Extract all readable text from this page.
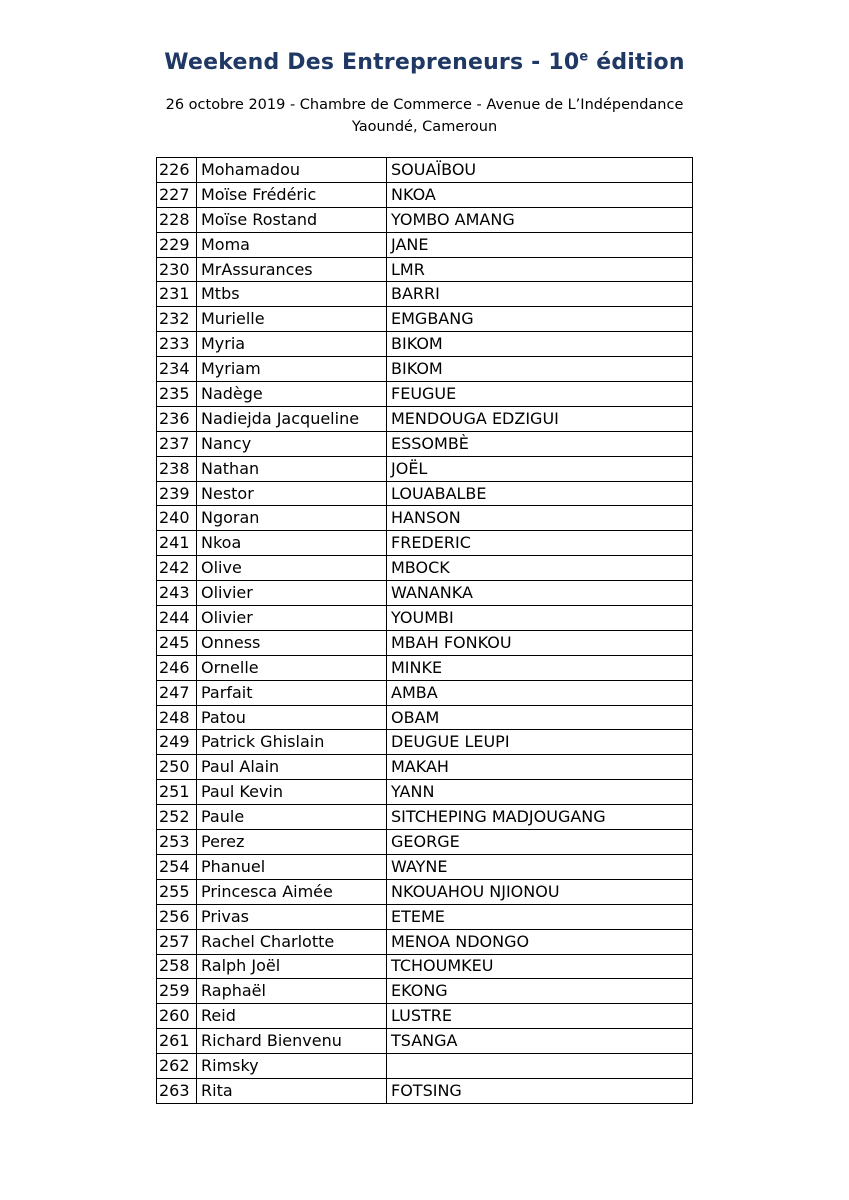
Weekend Des Entrepreneurs - 10e édition
26 octobre 2019 - Chambre de Commerce - Avenue de L’Indépendance
Yaoundé, Cameroun
226	Mohamadou	SOUAÏBOU
227	Moïse Frédéric	NKOA
228	Moïse Rostand	YOMBO AMANG
229	Moma	JANE
230	MrAssurances	LMR
231	Mtbs	BARRI
232	Murielle	EMGBANG
233	Myria	BIKOM
234	Myriam	BIKOM
235	Nadège	FEUGUE
236	Nadiejda Jacqueline	MENDOUGA EDZIGUI
237	Nancy	ESSOMBÈ
238	Nathan	JOËL
239	Nestor	LOUABALBE
240	Ngoran	HANSON
241	Nkoa	FREDERIC
242	Olive	MBOCK
243	Olivier	WANANKA
244	Olivier	YOUMBI
245	Onness	MBAH FONKOU
246	Ornelle	MINKE
247	Parfait	AMBA
248	Patou	OBAM
249	Patrick Ghislain	DEUGUE LEUPI
250	Paul Alain	MAKAH
251	Paul Kevin	YANN
252	Paule	SITCHEPING MADJOUGANG
253	Perez	GEORGE
254	Phanuel	WAYNE
255	Princesca Aimée	NKOUAHOU NJIONOU
256	Privas	ETEME
257	Rachel Charlotte	MENOA NDONGO
258	Ralph Joël	TCHOUMKEU
259	Raphaël	EKONG
260	Reid	LUSTRE
261	Richard Bienvenu	TSANGA
262	Rimsky	
263	Rita	FOTSING
